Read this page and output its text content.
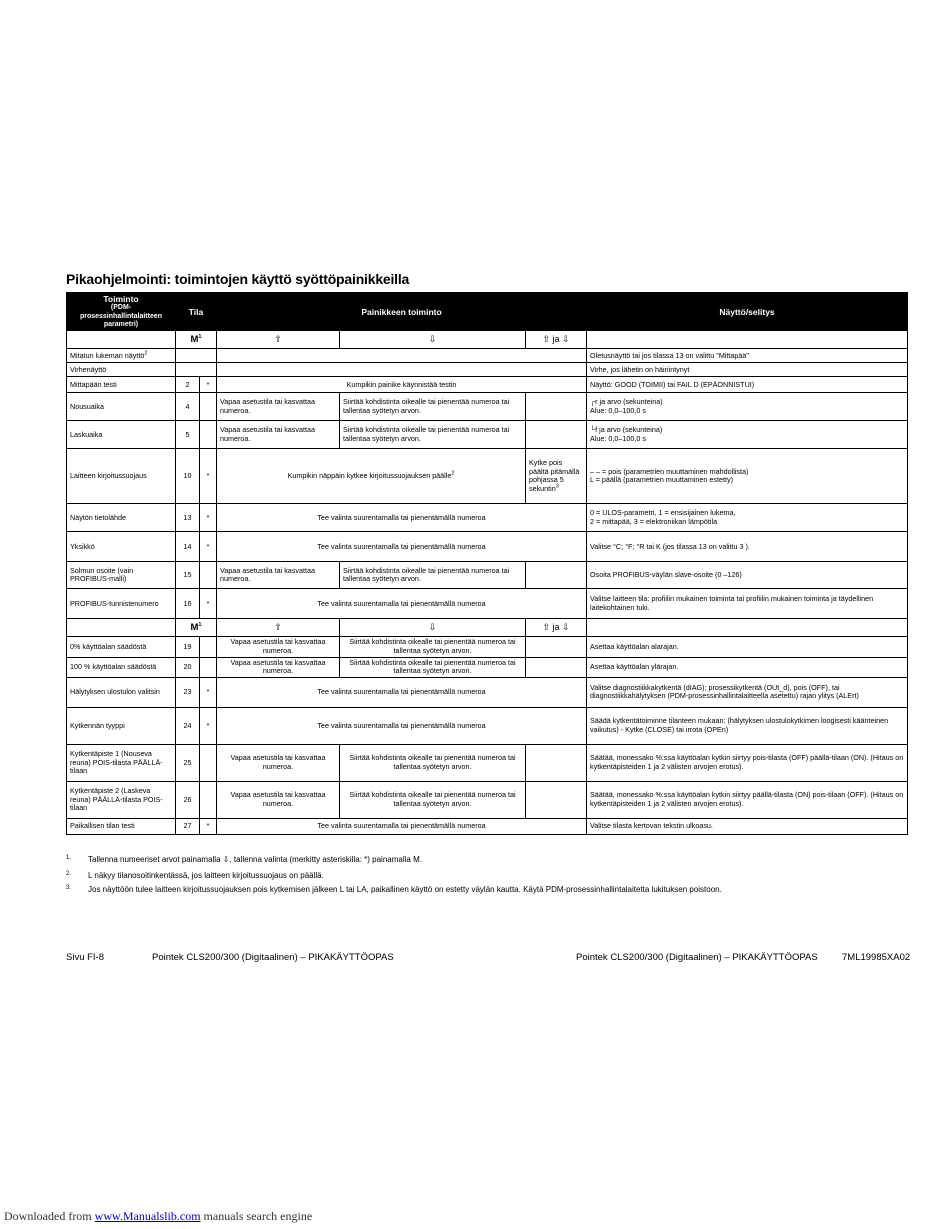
Pikaohjelmointi: toimintojen käyttö syöttöpainikkeilla
Toiminto
(PDM-prosessinhallintalaitteen parametri)	Tila		Painikkeen toiminto			Näyttö/selitys
	$M^1$		⇧	⇩	⇧ ja ⇩	
Mitatun lukeman näyttö$^2$						Oletusnäyttö tai jos tilassa 13 on valittu "Mittapää"
Virhenäyttö						Virhe, jos lähetin on häiriintynyt
Mittapään testi	2	*	Kumpikin painike käynnistää testin			Näyttö: GOOD (TOIMII) tai FAIL D (EPÄONNISTUI)
Nousuaika	4		Vapaa asetustila tai kasvattaa numeroa.	Siirtää kohdistinta oikealle tai pienentää numeroa tai tallentaa syötetyn arvon.		┌r ja arvo (sekunteina)
Alue: 0,0–100,0 s

Laskuaika	5		Vapaa asetustila tai kasvattaa numeroa.	Siirtää kohdistinta oikealle tai pienentää numeroa tai tallentaa syötetyn arvon.		└f ja arvo (sekunteina)
Alue: 0,0–100,0 s

Laitteen kirjoitussuojaus	10	*	Kumpikin näppäin kytkee kirjoitussuojauksen päälle$^2$		Kytke pois päältä pitämällä pohjassa 5 sekuntin$^3$	– – = pois (parametrien muuttaminen mahdollista)
L = päällä (parametrien muuttaminen estetty)

Näytön tietolähde	13	*	Tee valinta suurentamalla tai pienentämällä numeroa			0 = ULOS-parametri, 1 = ensisijainen lukema,
2 = mittapää, 3 = elektroniikan lämpötila

Yksikkö	14	*	Tee valinta suurentamalla tai pienentämällä numeroa			Valitse °C; °F; °R tai K (jos tilassa 13 on valittu 3 ).
Solmun osoite (vain PROFIBUS-malli)	15		Vapaa asetustila tai kasvattaa numeroa.	Siirtää kohdistinta oikealle tai pienentää numeroa tai tallentaa syötetyn arvon.		Osoita PROFIBUS-väylän slave-osoite (0 –126)
PROFIBUS-tunnistenumero	16	*	Tee valinta suurentamalla tai pienentämällä numeroa			Valitse laitteen tila: profiilin mukainen toiminta tai profiilin mukainen toiminta ja täydellinen laitekohtainen tuki.
	$M^1$		⇧	⇩	⇧ ja ⇩	
0% käyttöalan säädöstä	19		Vapaa asetustila tai kasvattaa numeroa.	Siirtää kohdistinta oikealle tai pienentää numeroa tai tallentaa syötetyn arvon.		Asettaa käyttöalan alarajan.
100 % käyttöalan säädöstä	20		Vapaa asetustila tai kasvattaa numeroa.	Siirtää kohdistinta oikealle tai pienentää numeroa tai tallentaa syötetyn arvon.		Asettaa käyttöalan ylärajan.
Hälytyksen ulostulon valitsin	23	*	Tee valinta suurentamalla tai pienentämällä numeroa			Valitse diagnostiikkakytkentä (dIAG); prosessikytkentä (OUt_d), pois (OFF), tai diagnostiikkahälytyksen (PDM-prosessinhallintalaitteella asetettu) rajan ylitys (ALErt)
Kytkennän tyyppi	24	*	Tee valinta suurentamalla tai pienentämällä numeroa			Säädä kytkentätoiminne tilanteen mukaan: (hälytyksen ulostulokytkimen loogisesti käänteinen vaikutus) - Kytke (CLOSE) tai irrota (OPEn)
Kytkentäpiste 1 (Nouseva reuna) POIS-tilasta PÄÄLLÄ-tilaan	25		Vapaa asetustila tai kasvattaa numeroa.	Siirtää kohdistinta oikealle tai pienentää numeroa tai tallentaa syötetyn arvon.		Säätää, monessako %:ssa käyttöalan kytkin siirtyy pois-tilasta (OFF) päällä-tilaan (ON). (Hitaus on kytkentäpisteiden 1 ja 2 välisten arvojen erotus).
Kytkentäpiste 2 (Laskeva reuna) PÄÄLLÄ-tilasta POIS-tilaan	26		Vapaa asetustila tai kasvattaa numeroa.	Siirtää kohdistinta oikealle tai pienentää numeroa tai tallentaa syötetyn arvon.		Säätää, monessako %:ssa käyttöalan kytkin siirtyy päällä-tilasta (ON) pois-tilaan (OFF). (Hitaus on kytkentäpisteiden 1 ja 2 välisten arvojen erotus).
Paikallisen tilan testi	27	*	Tee valinta suurentamalla tai pienentämällä numeroa			Valitse tilasta kertovan tekstin ulkoasu.
1. Tallenna numeeriset arvot painamalla ⇩, tallenna valinta (merkitty asteriskilla: *) painamalla M.
2. L näkyy tilanosoitinkentässä, jos laitteen kirjoitussuojaus on päällä.
3. Jos näyttöön tulee laitteen kirjoitussuojauksen pois kytkemisen jälkeen L tai LA, paikallinen käyttö on estetty väylän kautta. Käytä PDM-prosessinhallintalaitetta lukituksen poistoon.
Sivu FI-8	Pointek CLS200/300 (Digitaalinen) – PIKAKÄYTTÖOPAS	Pointek CLS200/300 (Digitaalinen) – PIKAKÄYTTÖOPAS	7ML19985XA02
Downloaded from www.Manualslib.com manuals search engine
